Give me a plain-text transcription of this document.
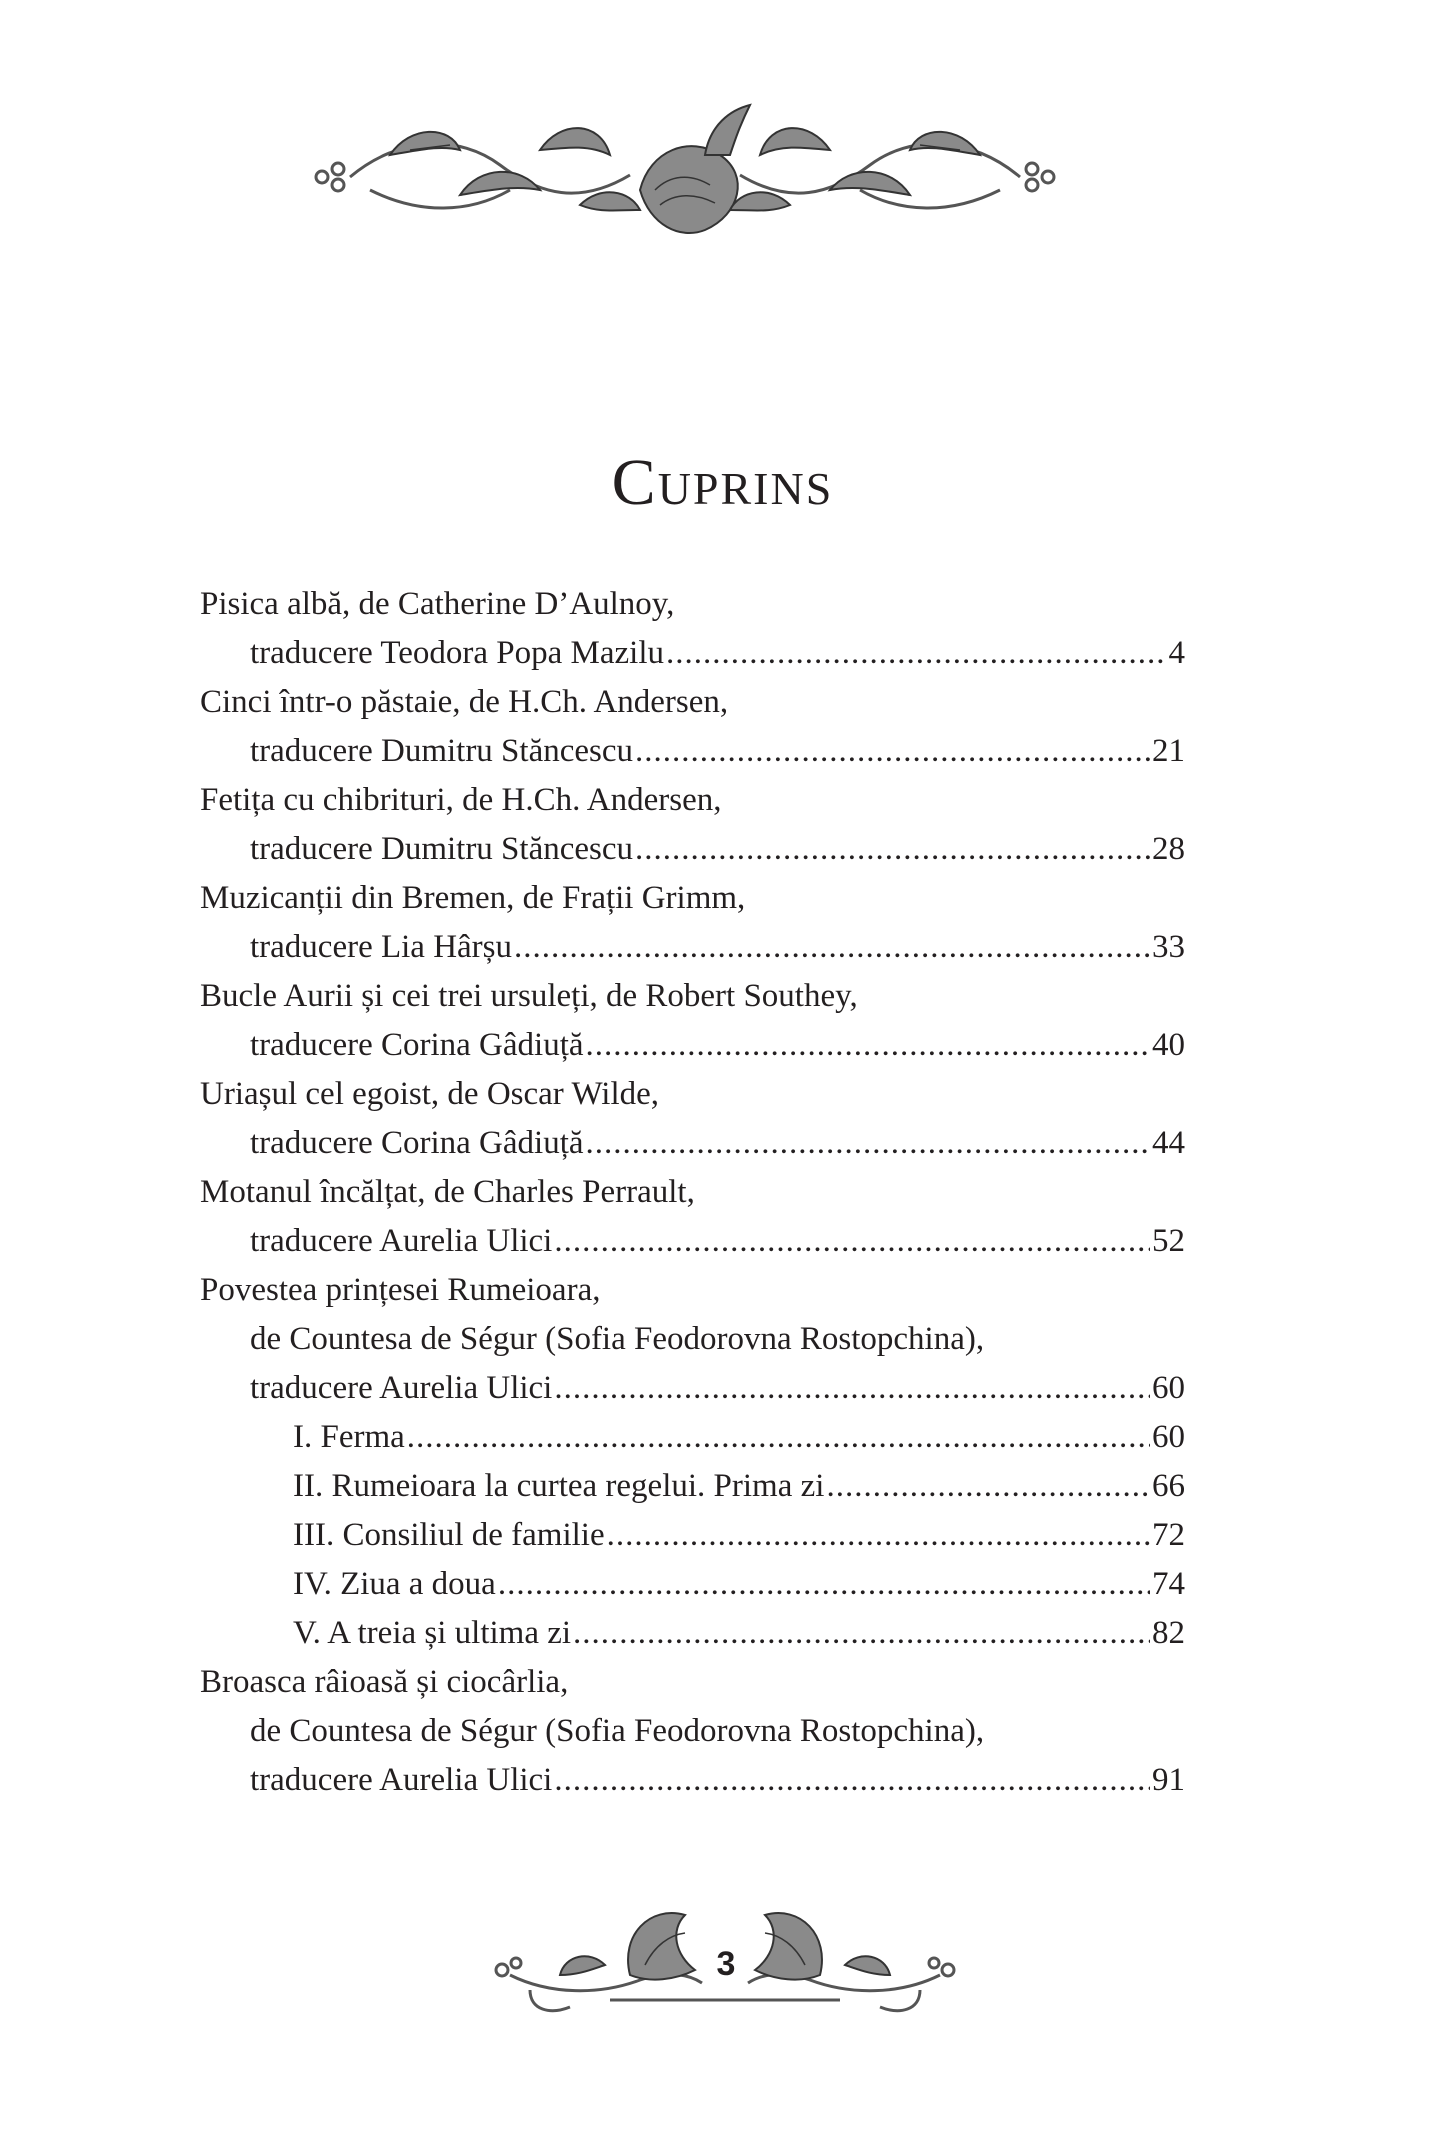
Cuprins
Pisica albă, de Catherine D’Aulnoy,
traducere Teodora Popa Mazilu .....	4
Cinci într-o păstaie, de H.Ch. Andersen,
traducere Dumitru Stăncescu .....	21
Fetița cu chibrituri, de H.Ch. Andersen,
traducere Dumitru Stăncescu .....	28
Muzicanții din Bremen, de Frații Grimm,
traducere Lia Hârșu .....	33
Bucle Aurii și cei trei ursuleți, de Robert Southey,
traducere Corina Gâdiuță .....	40
Uriașul cel egoist, de Oscar Wilde,
traducere Corina Gâdiuță .....	44
Motanul încălțat, de Charles Perrault,
traducere Aurelia Ulici .....	52
Povestea prințesei Rumeioara,
de Countesa de Ségur (Sofia Feodorovna Rostopchina),
traducere Aurelia Ulici .....	60
I. Ferma .....	60
II. Rumeioara la curtea regelui. Prima zi .....	66
III. Consiliul de familie .....	72
IV. Ziua a doua .....	74
V. A treia și ultima zi .....	82
Broasca râioasă și ciocârlia,
de Countesa de Ségur (Sofia Feodorovna Rostopchina),
traducere Aurelia Ulici .....	91
3
